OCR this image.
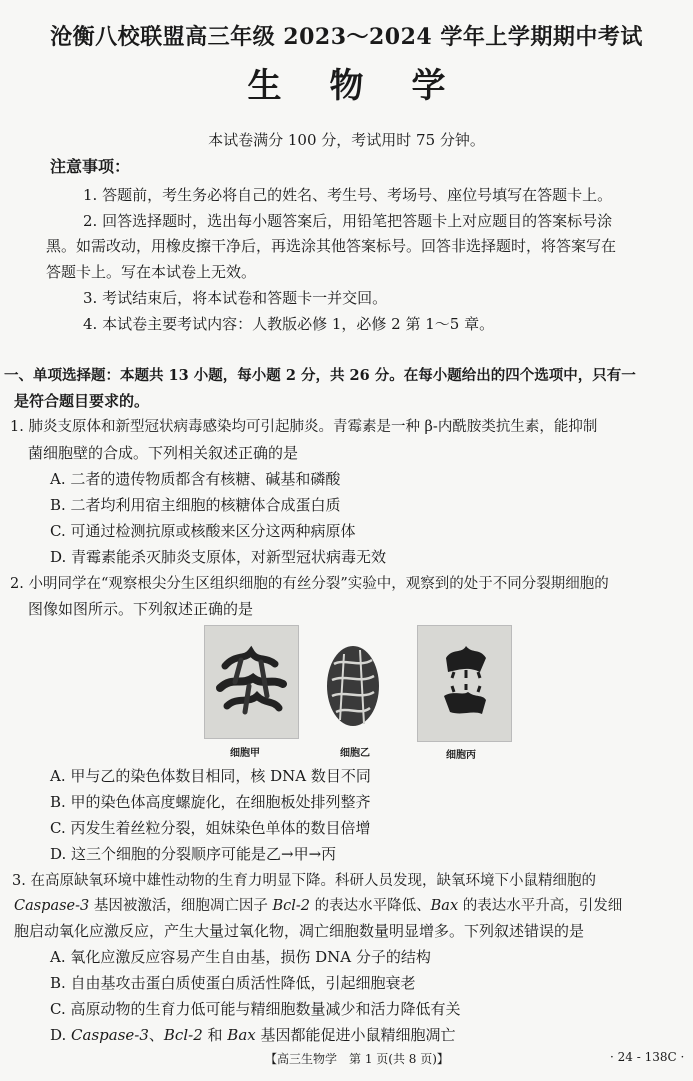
沧衡八校联盟高三年级 2023～2024 学年上学期期中考试
生物学
本试卷满分 100 分，考试用时 75 分钟。
注意事项：
1. 答题前，考生务必将自己的姓名、考生号、考场号、座位号填写在答题卡上。
2. 回答选择题时，选出每小题答案后，用铅笔把答题卡上对应题目的答案标号涂
黑。如需改动，用橡皮擦干净后，再选涂其他答案标号。回答非选择题时，将答案写在
答题卡上。写在本试卷上无效。
3. 考试结束后，将本试卷和答题卡一并交回。
4. 本试卷主要考试内容：人教版必修 1，必修 2 第 1～5 章。
一、单项选择题：本题共 13 小题，每小题 2 分，共 26 分。在每小题给出的四个选项中，只有一
是符合题目要求的。
1. 肺炎支原体和新型冠状病毒感染均可引起肺炎。青霉素是一种 β-内酰胺类抗生素，能抑制
菌细胞壁的合成。下列相关叙述正确的是
A. 二者的遗传物质都含有核糖、碱基和磷酸
B. 二者均利用宿主细胞的核糖体合成蛋白质
C. 可通过检测抗原或核酸来区分这两种病原体
D. 青霉素能杀灭肺炎支原体，对新型冠状病毒无效
2. 小明同学在“观察根尖分生区组织细胞的有丝分裂”实验中，观察到的处于不同分裂期细胞的
图像如图所示。下列叙述正确的是
细胞甲	细胞乙	细胞丙
A. 甲与乙的染色体数目相同，核 DNA 数目不同
B. 甲的染色体高度螺旋化，在细胞板处排列整齐
C. 丙发生着丝粒分裂，姐妹染色单体的数目倍增
D. 这三个细胞的分裂顺序可能是乙→甲→丙
3. 在高原缺氧环境中雄性动物的生育力明显下降。科研人员发现，缺氧环境下小鼠精细胞的
Caspase-3 基因被激活，细胞凋亡因子 Bcl-2 的表达水平降低、Bax 的表达水平升高，引发细
胞启动氧化应激反应，产生大量过氧化物，凋亡细胞数量明显增多。下列叙述错误的是
A. 氧化应激反应容易产生自由基，损伤 DNA 分子的结构
B. 自由基攻击蛋白质使蛋白质活性降低，引起细胞衰老
C. 高原动物的生育力低可能与精细胞数量减少和活力降低有关
D. Caspase-3、Bcl-2 和 Bax 基因都能促进小鼠精细胞凋亡
【高三生物学　第 1 页(共 8 页)】	· 24 - 138C ·
